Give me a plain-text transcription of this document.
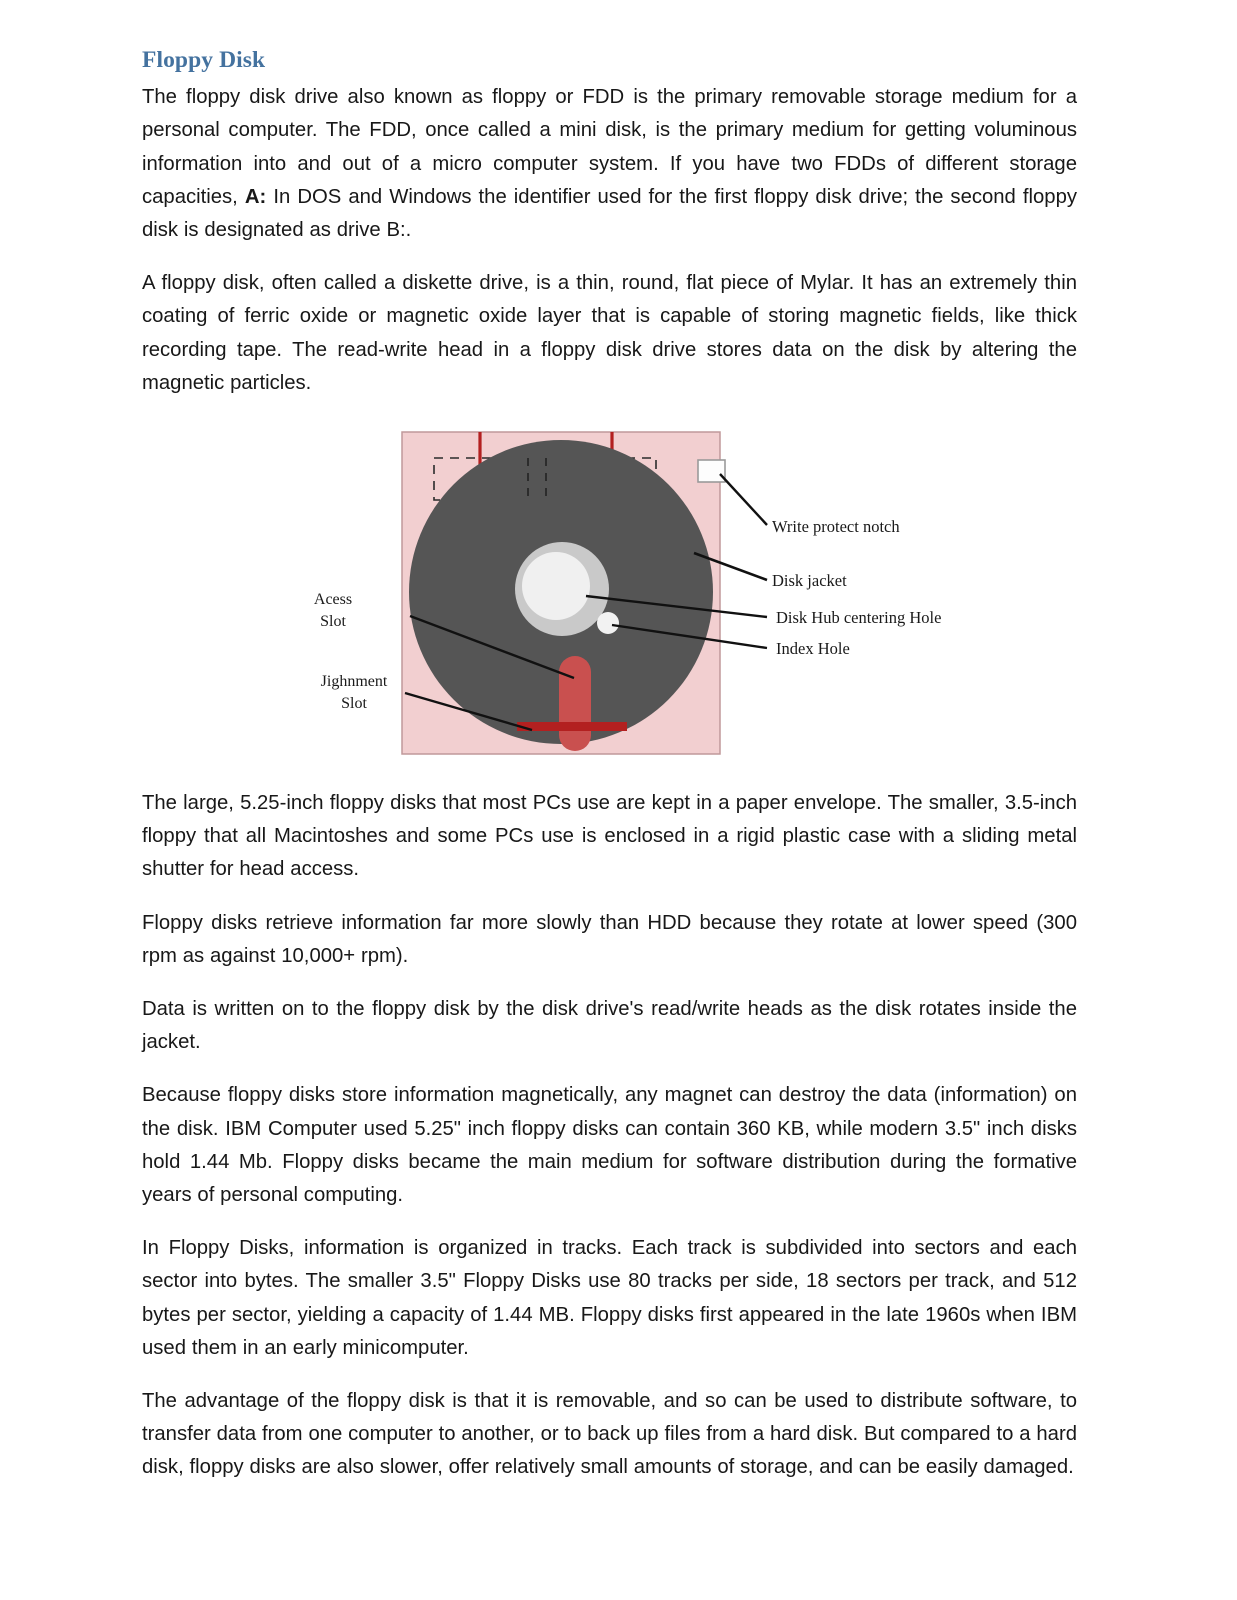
Floppy Disk

The floppy disk drive also known as floppy or FDD is the primary removable storage medium for a personal computer. The FDD, once called a mini disk, is the primary medium for getting voluminous information into and out of a micro computer system. If you have two FDDs of different storage capacities, A: In DOS and Windows the identifier used for the first floppy disk drive; the second floppy disk is designated as drive B:.

A floppy disk, often called a diskette drive, is a thin, round, flat piece of Mylar. It has an extremely thin coating of ferric oxide or magnetic oxide layer that is capable of storing magnetic fields, like thick recording tape. The read-write head in a floppy disk drive stores data on the disk by altering the magnetic particles.

Write protect notch
Disk jacket
Disk Hub centering Hole
Index Hole
Acess
Slot
Jighnment
Slot

The large, 5.25-inch floppy disks that most PCs use are kept in a paper envelope. The smaller, 3.5-inch floppy that all Macintoshes and some PCs use is enclosed in a rigid plastic case with a sliding metal shutter for head access.

Floppy disks retrieve information far more slowly than HDD because they rotate at lower speed (300 rpm as against 10,000+ rpm).

Data is written on to the floppy disk by the disk drive's read/write heads as the disk rotates inside the jacket.

Because floppy disks store information magnetically, any magnet can destroy the data (information) on the disk. IBM Computer used 5.25" inch floppy disks can contain 360 KB, while modern 3.5" inch disks hold 1.44 Mb. Floppy disks became the main medium for software distribution during the formative years of personal computing.

In Floppy Disks, information is organized in tracks. Each track is subdivided into sectors and each sector into bytes. The smaller 3.5" Floppy Disks use 80 tracks per side, 18 sectors per track, and 512 bytes per sector, yielding a capacity of 1.44 MB. Floppy disks first appeared in the late 1960s when IBM used them in an early minicomputer.

The advantage of the floppy disk is that it is removable, and so can be used to distribute software, to transfer data from one computer to another, or to back up files from a hard disk. But compared to a hard disk, floppy disks are also slower, offer relatively small amounts of storage, and can be easily damaged.
